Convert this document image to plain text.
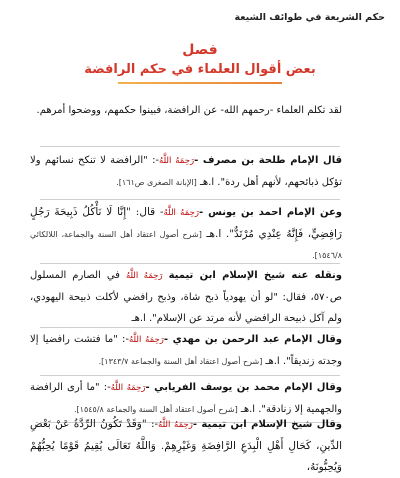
حكم الشريعة في طوائف الشيعة
فصل
بعض أقوال العلماء في حكم الرافضة
لقد تكلم العلماء -رحمهم الله- عن الرافضة، فبينوا حكمهم، ووضحوا أمرهم.
قال الإمام طلحة بن مصرف -رَحِمَهُ اللَّهُ-: "الرافضة لا تنكح نسائهم ولا تؤكل ذبائحهم، لأنهم أهل ردة". ا.هـ [الإبانة الصغرى ص١٦١].
وعن الإمام احمد بن يونس -رَحِمَهُ اللَّهُ- قال: "إِنَّا لَا نَأْكُلُ ذَبِيحَةَ رَجُلٍ رَافِضِيٍّ، فَإِنَّهُ عِنْدِي مُرْتَدٌّ". ا.هـ [شرح أصول اعتقاد أهل السنة والجماعة، اللالكائي ١٥٤٦/٨].
ونقله عنه شيخ الإسلام ابن تيمية رَحِمَهُ اللَّهُ في الصارم المسلول ص٥٧٠، فقال: "لو أن يهودياً ذبح شاة، وذبح رافضي لأكلت ذبيحة اليهودي، ولم آكل ذبيحة الرافضي لأنه مرتد عن الإسلام". ا.هـ
وقال الإمام عبد الرحمن بن مهدي -رَحِمَهُ اللَّهُ-: "ما فتشت رافضيا إلا وجدته زنديقاً". ا.هـ [شرح أصول اعتقاد أهل السنة والجماعة ١٣٤٣/٧].
وقال الإمام محمد بن يوسف الفريابي -رَحِمَهُ اللَّهُ-: "ما أرى الرافضة والجهمية إلا زنادقة". ا.هـ [شرح أصول اعتقاد أهل السنة والجماعة ١٥٤٥/٨].
وقال شيخ الإسلام ابن تيمية -رَحِمَهُ اللَّهُ-: "وَقَدْ تَكُونُ الرِّدَّةُ عَنْ بَعْضِ الدِّينِ، كَحَالِ أَهْلِ الْبِدَعِ الرَّافِضَةِ وَغَيْرِهِمْ. وَاللَّهُ تَعَالَى يُقِيمُ قَوْمًا يُحِبُّهُمْ وَيُحِبُّونَهُ،
